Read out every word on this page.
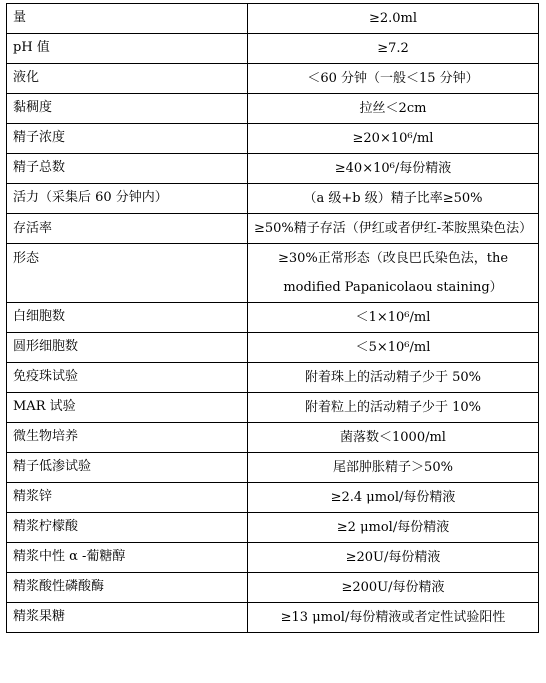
量	≥2.0ml
pH 值	≥7.2
液化	＜60 分钟（一般＜15 分钟）
黏稠度	拉丝＜2cm
精子浓度	≥20×10⁶/ml
精子总数	≥40×10⁶/每份精液
活力（采集后 60 分钟内）	（a 级+b 级）精子比率≥50%
存活率	≥50%精子存活（伊红或者伊红-苯胺黑染色法）
形态	≥30%正常形态（改良巴氏染色法，the modified Papanicolaou staining）
白细胞数	＜1×10⁶/ml
圆形细胞数	＜5×10⁶/ml
免疫珠试验	附着珠上的活动精子少于 50%
MAR 试验	附着粒上的活动精子少于 10%
微生物培养	菌落数＜1000/ml
精子低渗试验	尾部肿胀精子＞50%
精浆锌	≥2.4 μmol/每份精液
精浆柠檬酸	≥2 μmol/每份精液
精浆中性 α -葡糖醇	≥20U/每份精液
精浆酸性磷酸酶	≥200U/每份精液
精浆果糖	≥13 μmol/每份精液或者定性试验阳性
